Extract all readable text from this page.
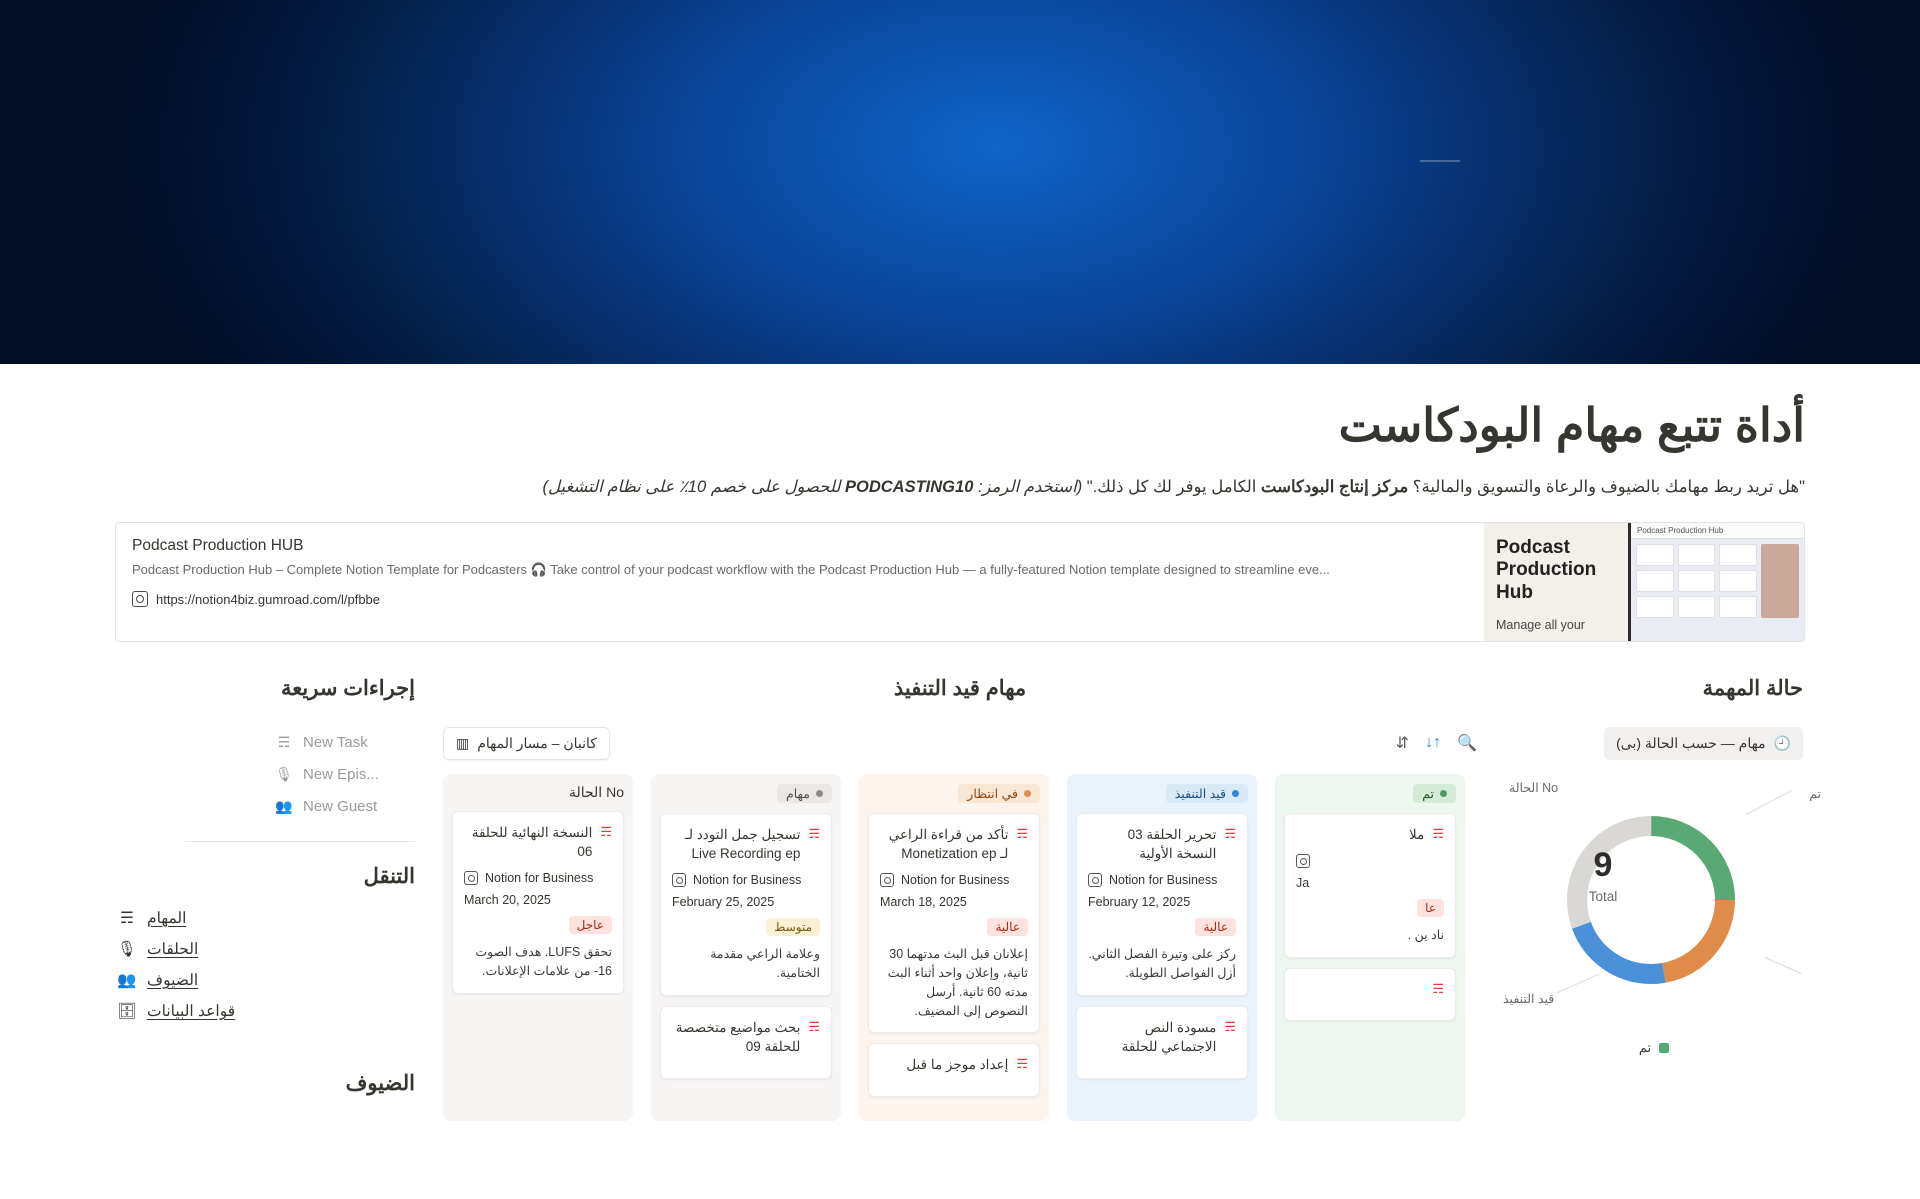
أداة تتبع مهام البودكاست
"هل تريد ربط مهامك بالضيوف والرعاة والتسويق والمالية؟ مركز إنتاج البودكاست الكامل يوفر لك كل ذلك." (استخدم الرمز: PODCASTING10 للحصول على خصم 10٪ على نظام التشغيل)
Podcast Production HUB
Podcast Production Hub – Complete Notion Template for Podcasters 🎧 Take control of your podcast workflow with the Podcast Production Hub — a fully-featured Notion template designed to streamline eve...
https://notion4biz.gumroad.com/l/pfbbe
Podcast Production Hub

Manage all your

Podcast Production Hub
حالة المهمة
🕘
مهام — حسب الحالة (بى)
9
Total
No الحالة	تم
قيد التنفيذ
تم
مهام قيد التنفيذ
▥ كانبان – مسار المهام	⇵ ↓↑ 🔍
No الحالة
☴
النسخة النهائية للحلقة 06
Notion for Business
March 20, 2025
عاجل
تحقق LUFS. هدف الصوت ‎-16 من علامات الإعلانات.
مهام
☴
تسجيل جمل التودد لـ Live Recording ep
Notion for Business
February 25, 2025
متوسط
وعلامة الراعي مقدمة الختامية.
☴
بحث مواضيع متخصصة للحلقة 09
في انتظار
☴
تأكد من قراءة الراعي لـ Monetization ep
Notion for Business
March 18, 2025
عالية
إعلانان قبل البث مدتهما 30 ثانية، وإعلان واحد أثناء البث مدته 60 ثانية. أرسل النصوص إلى المضيف.
☴
إعداد موجز ما قبل
قيد التنفيذ
☴
تحرير الحلقة 03 النسخة الأولية
Notion for Business
February 12, 2025
عالية
ركز على وتيرة الفصل الثاني. أزل الفواصل الطويلة.
☴
مسودة النص الاجتماعي للحلقة
تم
☴
ملا
Ja
عا
ناد ين .
☴
إجراءات سريعة
☴ New Task
🎙 New Epis...
👥 New Guest
التنقل
المهام
☴
الحلقات
🎙
الضيوف
👥
قواعد البيانات
🗄
الضيوف
